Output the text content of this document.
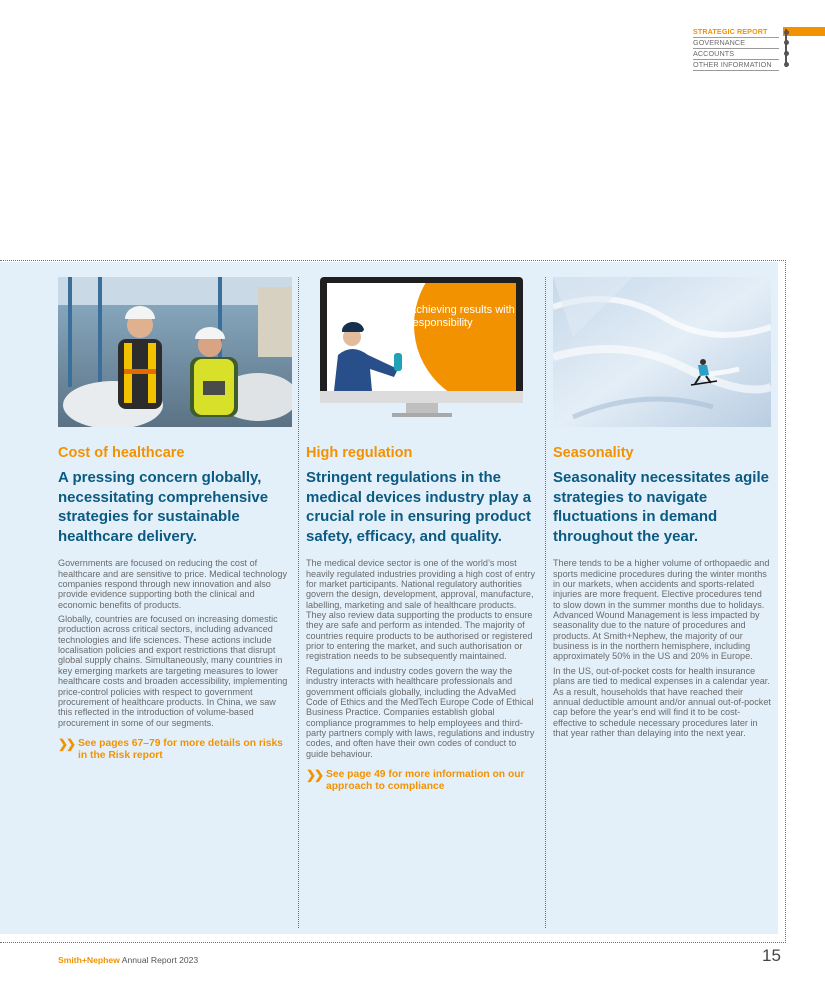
STRATEGIC REPORT
GOVERNANCE
ACCOUNTS
OTHER INFORMATION
Cost of healthcare
A pressing concern globally, necessitating comprehensive strategies for sustainable healthcare delivery.

Governments are focused on reducing the cost of healthcare and are sensitive to price. Medical technology companies respond through new innovation and also provide evidence supporting both the clinical and economic benefits of products.

Globally, countries are focused on increasing domestic production across critical sectors, including advanced technologies and life sciences. These actions include localisation policies and export restrictions that disrupt global supply chains. Simultaneously, many countries in key emerging markets are targeting measures to lower healthcare costs and broaden accessibility, implementing price-control policies with respect to government procurement of healthcare products. In China, we saw this reflected in the introduction of volume-based procurement in some of our segments.

❯❯ See pages 67–79 for more details on risks in the Risk report
Achieving results with responsibility
High regulation
Stringent regulations in the medical devices industry play a crucial role in ensuring product safety, efficacy, and quality.

The medical device sector is one of the world’s most heavily regulated industries providing a high cost of entry for market participants. National regulatory authorities govern the design, development, approval, manufacture, labelling, marketing and sale of healthcare products. They also review data supporting the products to ensure they are safe and perform as intended. The majority of countries require products to be authorised or registered prior to entering the market, and such authorisation or registration needs to be subsequently maintained.

Regulations and industry codes govern the way the industry interacts with healthcare professionals and government officials globally, including the AdvaMed Code of Ethics and the MedTech Europe Code of Ethical Business Practice. Companies establish global compliance programmes to help employees and third-party partners comply with laws, regulations and industry codes, and often have their own codes of conduct to guide behaviour.

❯❯ See page 49 for more information on our approach to compliance
Seasonality
Seasonality necessitates agile strategies to navigate fluctuations in demand throughout the year.

There tends to be a higher volume of orthopaedic and sports medicine procedures during the winter months in our markets, when accidents and sports-related injuries are more frequent. Elective procedures tend to slow down in the summer months due to holidays. Advanced Wound Management is less impacted by seasonality due to the nature of procedures and products. At Smith+Nephew, the majority of our business is in the northern hemisphere, including approximately 50% in the US and 20% in Europe.

In the US, out-of-pocket costs for health insurance plans are tied to medical expenses in a calendar year. As a result, households that have reached their annual deductible amount and/or annual out-of-pocket cap before the year’s end will find it to be cost-effective to schedule necessary procedures later in that year rather than delaying into the next year.

Smith+Nephew Annual Report 2023	15
